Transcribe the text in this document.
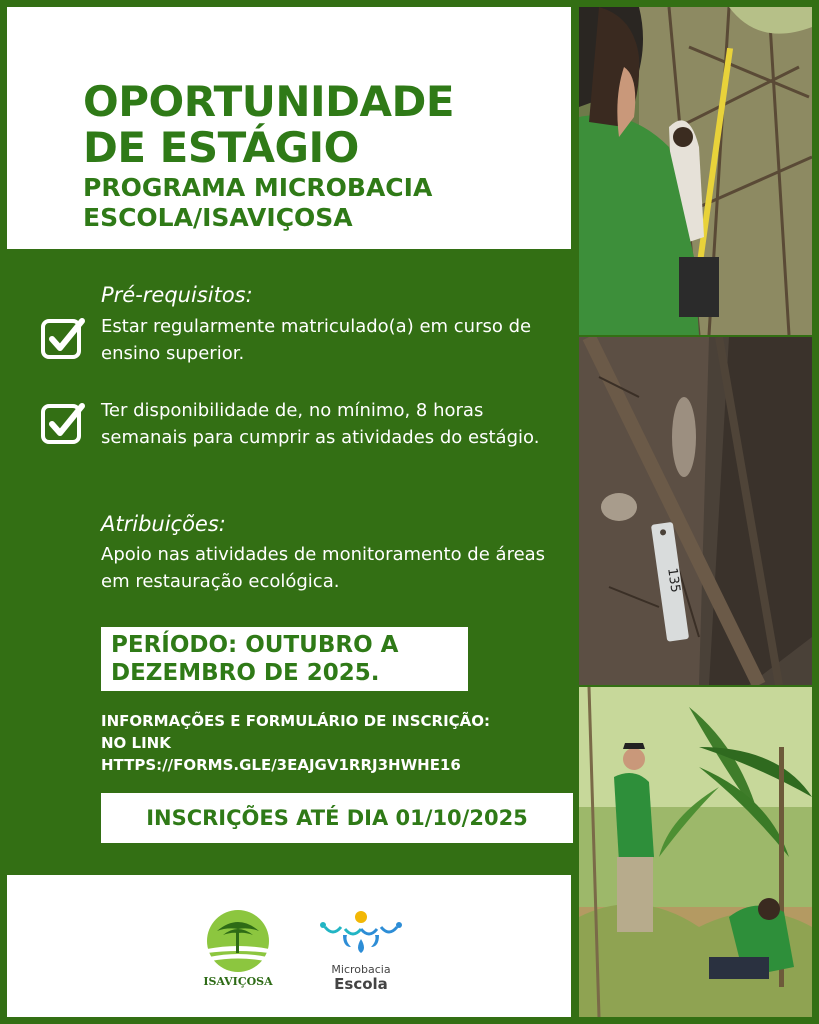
OPORTUNIDADE
DE ESTÁGIO
PROGRAMA MICROBACIA
ESCOLA/ISAVIÇOSA
Pré-requisitos:
Estar regularmente matriculado(a) em curso de ensino superior.
Ter disponibilidade de, no mínimo, 8 horas semanais para cumprir as atividades do estágio.
Atribuições:
Apoio nas atividades de monitoramento de áreas em restauração ecológica.
PERÍODO: OUTUBRO A
DEZEMBRO DE 2025.
INFORMAÇÕES E FORMULÁRIO DE INSCRIÇÃO:
NO LINK
HTTPS://FORMS.GLE/3EAJGV1RRJ3HWHE16
INSCRIÇÕES ATÉ DIA 01/10/2025
ISAVIÇOSA
Microbacia
Escola
135
